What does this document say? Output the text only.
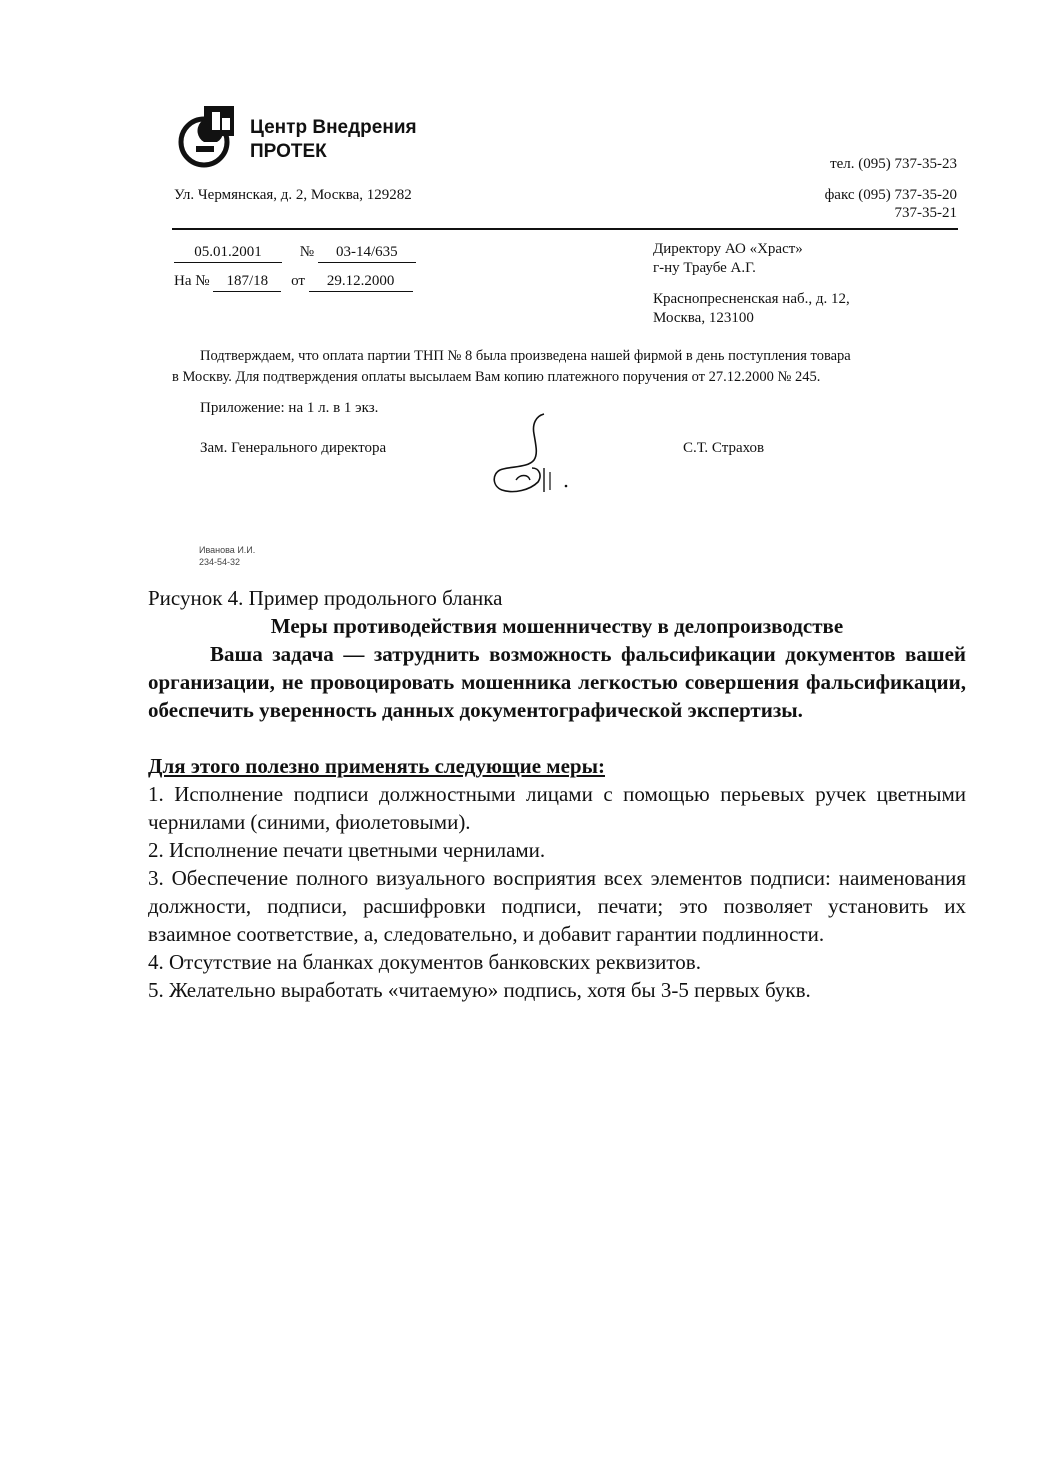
Центр Внедрения
ПРОТЕК
тел. (095) 737-35-23
Ул. Чермянская, д. 2, Москва, 129282	факс (095) 737-35-20
737-35-21
05.01.2001	№ 03-14/635
На № 187/18 от 29.12.2000
Директору АО «Храст»
г-ну Траубе А.Г.
Краснопресненская наб., д. 12,
Москва, 123100
Подтверждаем, что оплата партии ТНП № 8 была произведена нашей фирмой в день поступления товара
в Москву. Для подтверждения оплаты высылаем Вам копию платежного поручения от 27.12.2000 № 245.
Приложение: на 1 л. в 1 экз.
Зам. Генерального директора	С.Т. Страхов
Иванова И.И.
234-54-32
Рисунок 4. Пример продольного бланка
Меры противодействия мошенничеству в делопроизводстве
Ваша задача — затруднить возможность фальсификации документов вашей организации, не провоцировать мошенника легкостью совершения фальсификации, обеспечить уверенность данных документографической экспертизы.
Для этого полезно применять следующие меры:
1. Исполнение подписи должностными лицами с помощью перьевых ручек цветными чернилами (синими, фиолетовыми).
2. Исполнение печати цветными чернилами.
3. Обеспечение полного визуального восприятия всех элементов подписи: наименования должности, подписи, расшифровки подписи, печати; это позволяет установить их взаимное соответствие, а, следовательно, и добавит гарантии подлинности.
4. Отсутствие на бланках документов банковских реквизитов.
5. Желательно выработать «читаемую» подпись, хотя бы 3-5 первых букв.
